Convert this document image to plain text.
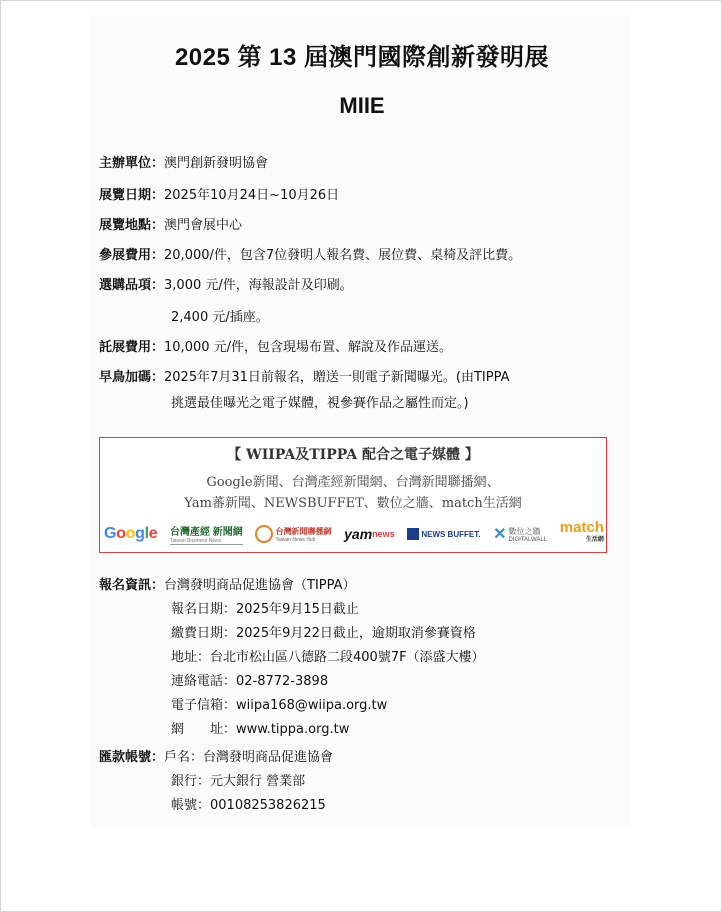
2025 第 13 屆澳門國際創新發明展
MIIE
主辦單位：澳門創新發明協會
展覽日期：2025年10月24日~10月26日
展覽地點：澳門會展中心
參展費用：20,000/件，包含7位發明人報名費、展位費、桌椅及評比費。
選購品項：3,000 元/件，海報設計及印刷。
2,400 元/插座。
託展費用：10,000 元/件，包含現場布置、解說及作品運送。
早鳥加碼：2025年7月31日前報名，贈送一則電子新聞曝光。(由TIPPA
挑選最佳曝光之電子媒體，視參賽作品之屬性而定。)
【 WIIPA及TIPPA 配合之電子媒體 】
Google新聞、台灣產經新聞網、台灣新聞聯播網、
Yam蕃新聞、NEWSBUFFET、數位之牆、match生活網
G o o g l e 台灣產經 新聞網
Taiwan Business News
台灣新聞聯播網
Taiwan News Hub	yam news	NEWS BUFFET. ✕ 數位之牆
DIGITALWALL
match
生活網
報名資訊：台灣發明商品促進協會（TIPPA）
報名日期：2025年9月15日截止
繳費日期：2025年9月22日截止，逾期取消參賽資格
地址：台北市松山區八德路二段400號7F（添盛大樓）
連絡電話：02-8772-3898
電子信箱：wiipa168@wiipa.org.tw
網　　址：www.tippa.org.tw
匯款帳號：戶名：台灣發明商品促進協會
銀行：元大銀行 營業部
帳號：00108253826215
